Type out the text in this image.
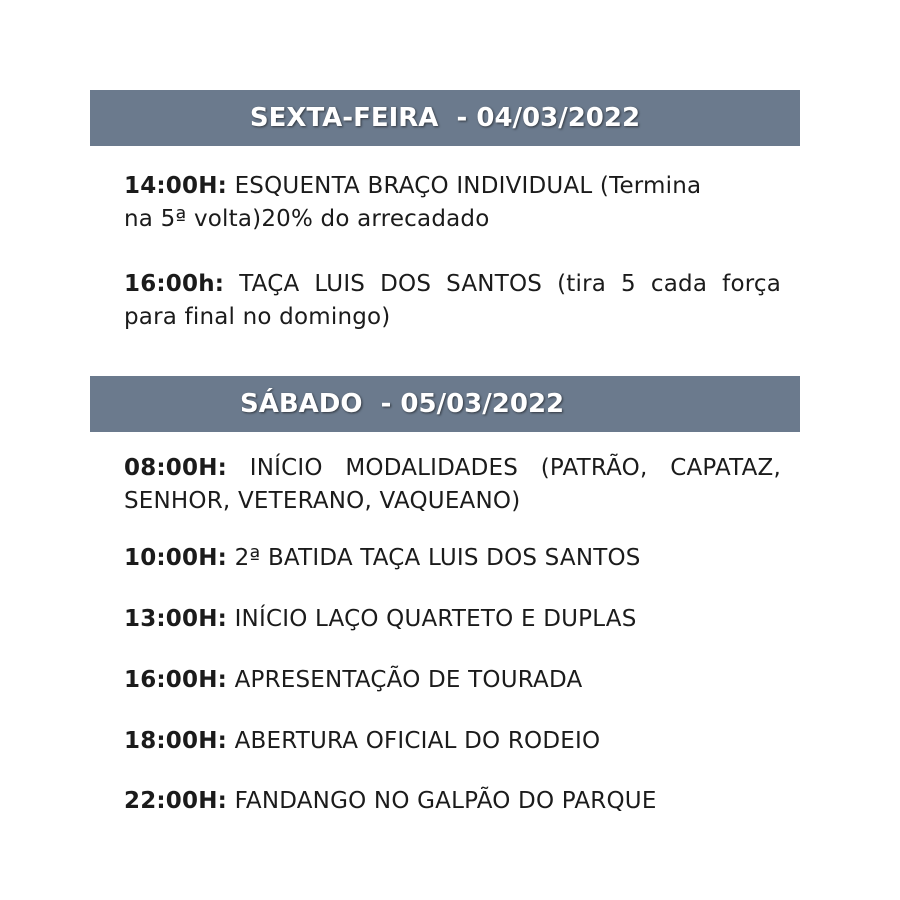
SEXTA-FEIRA  - 04/03/2022
14:00H: ESQUENTA BRAÇO INDIVIDUAL (Termina na 5ª volta)20% do arrecadado
16:00h: TAÇA LUIS DOS SANTOS (tira 5 cada força para final no domingo)
SÁBADO  - 05/03/2022
08:00H: INÍCIO MODALIDADES (PATRÃO, CAPATAZ, SENHOR, VETERANO, VAQUEANO)
10:00H: 2ª BATIDA TAÇA LUIS DOS SANTOS
13:00H: INÍCIO LAÇO QUARTETO E DUPLAS
16:00H: APRESENTAÇÃO DE TOURADA
18:00H: ABERTURA OFICIAL DO RODEIO
22:00H: FANDANGO NO GALPÃO DO PARQUE
